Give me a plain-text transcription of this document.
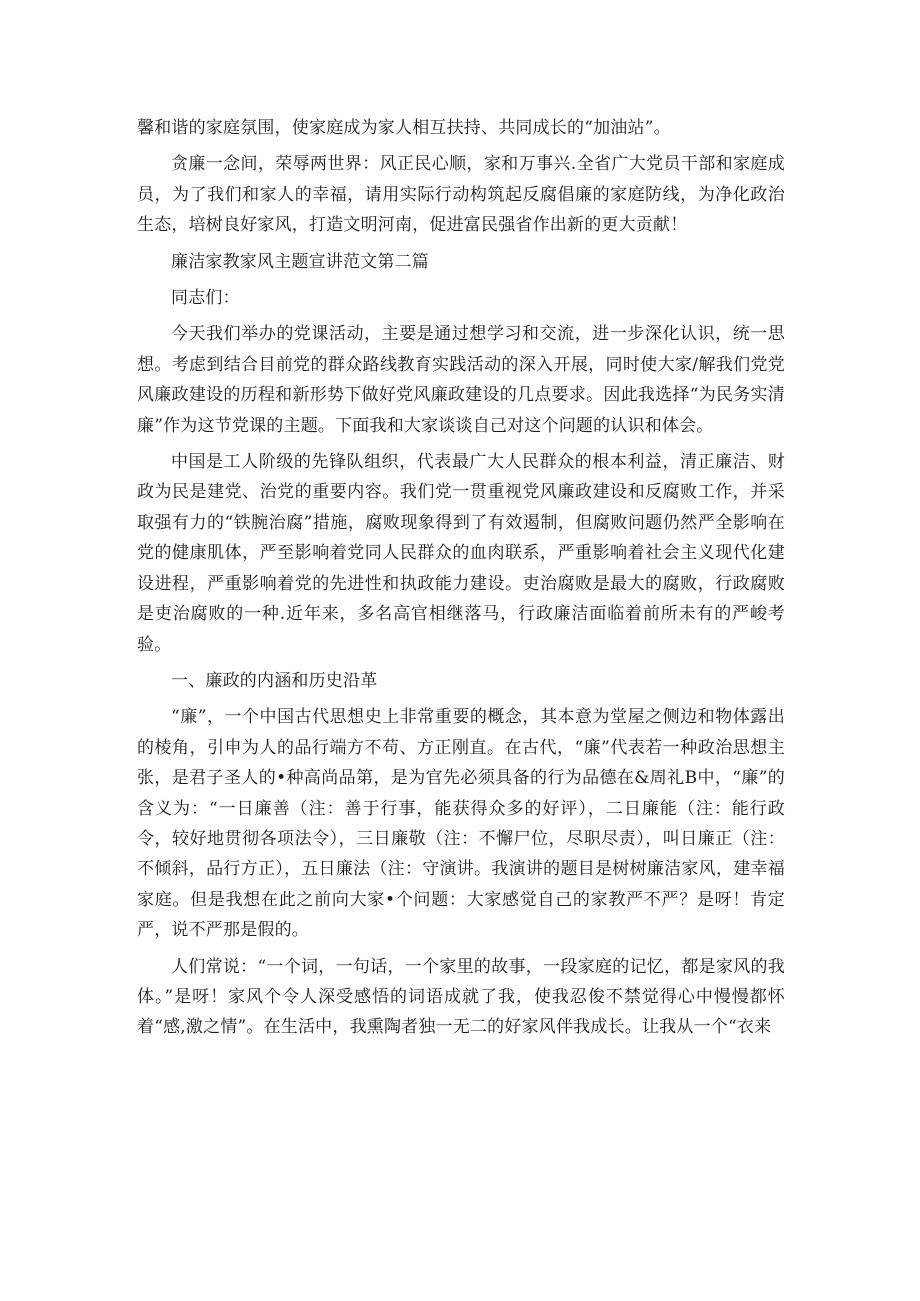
馨和谐的家庭氛围，使家庭成为家人相互扶持、共同成长的“加油站”。

贪廉一念间，荣辱两世界：风正民心顺，家和万事兴.全省广大党员干部和家庭成员，为了我们和家人的幸福，请用实际行动构筑起反腐倡廉的家庭防线，为净化政治生态，培树良好家风，打造文明河南，促进富民强省作出新的更大贡献！

廉洁家教家风主题宣讲范文第二篇

同志们：

今天我们举办的党课活动，主要是通过想学习和交流，进一步深化认识，统一思想。考虑到结合目前党的群众路线教育实践活动的深入开展，同时使大家/解我们党党风廉政建设的历程和新形势下做好党风廉政建设的几点要求。因此我选择“为民务实清廉”作为这节党课的主题。下面我和大家谈谈自己对这个问题的认识和体会。

中国是工人阶级的先锋队组织，代表最广大人民群众的根本利益，清正廉洁、财政为民是建党、治党的重要内容。我们党一贯重视党风廉政建设和反腐败工作，并采取强有力的“铁腕治腐”措施，腐败现象得到了有效遏制，但腐败问题仍然严全影响在党的健康肌体，严至影响着党同人民群众的血肉联系，严重影响着社会主义现代化建设进程，严重影响着党的先进性和执政能力建设。吏治腐败是最大的腐败，行政腐败是吏治腐败的一种.近年来，多名高官相继落马，行政廉洁面临着前所未有的严峻考验。

一、廉政的内涵和历史沿革

“廉”，一个中国古代思想史上非常重要的概念，其本意为堂屋之侧边和物体露出的棱角，引申为人的品行端方不苟、方正刚直。在古代，“廉”代表若一种政治思想主张，是君子圣人的•种高尚品第，是为官先必须具备的行为品德在&周礼B中，“廉”的含义为：“一日廉善（注：善于行事，能获得众多的好评），二日廉能（注：能行政令，较好地贯彻各项法令），三日廉敬（注：不懈尸位，尽职尽责），叫日廉正（注：不倾斜，品行方正），五日廉法（注：守演讲。我演讲的题目是树树廉洁家风，建幸福家庭。但是我想在此之前向大家•个问题：大家感觉自己的家教严不严？是呀！肯定严，说不严那是假的。

人们常说：“一个词，一句话，一个家里的故事，一段家庭的记忆，都是家风的我体。”是呀！家风个令人深受感悟的词语成就了我，使我忍俊不禁觉得心中慢慢都怀着“感,激之情”。在生活中，我熏陶者独一无二的好家风伴我成长。让我从一个“衣来
